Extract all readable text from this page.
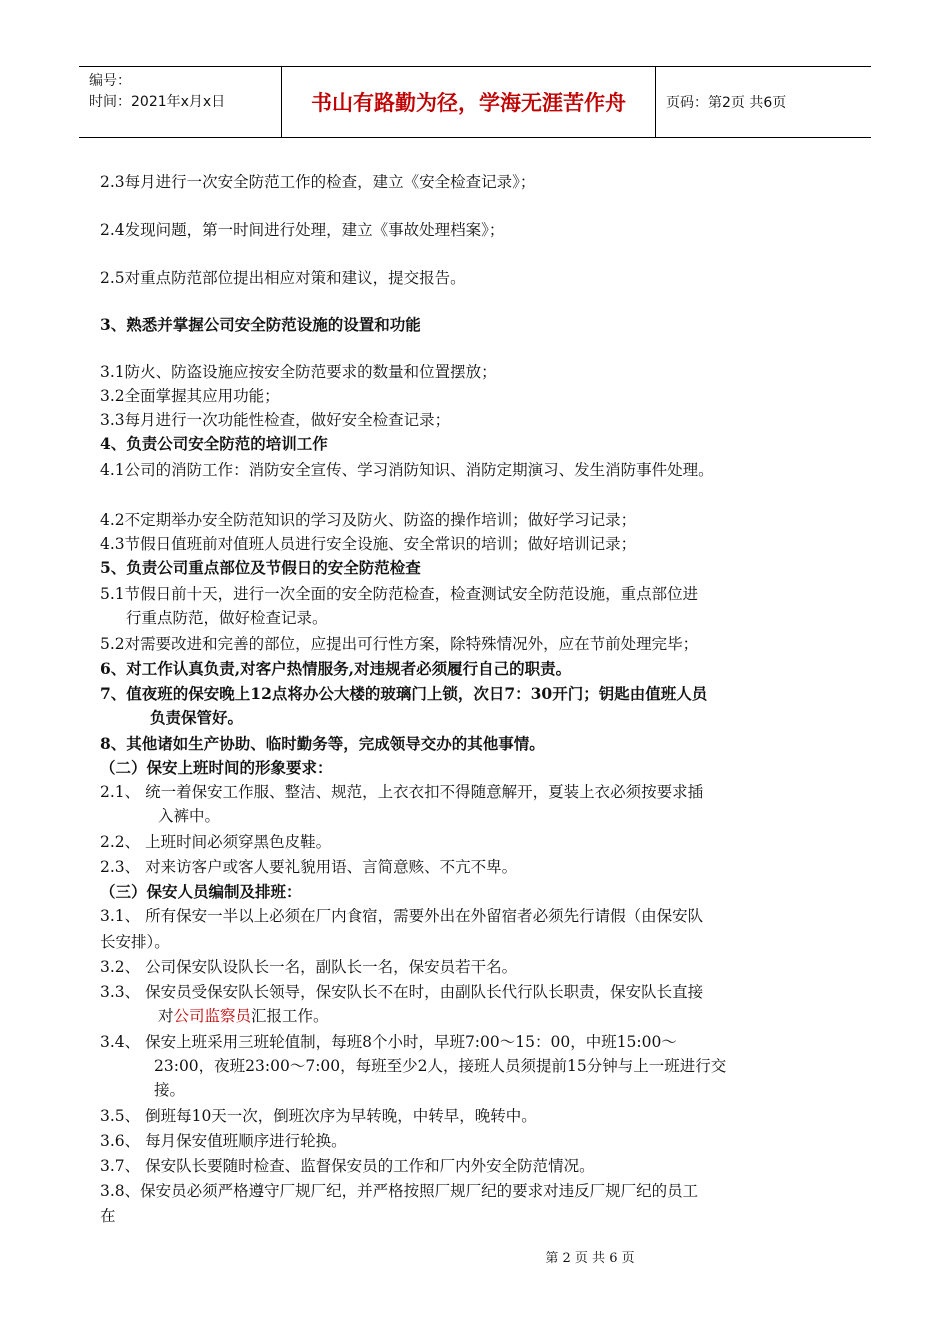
编号：
时间：2021年x月x日	书山有路勤为径，学海无涯苦作舟	页码：第2页 共6页
2.3每月进行一次安全防范工作的检查，建立《安全检查记录》；
2.4发现问题，第一时间进行处理，建立《事故处理档案》；
2.5对重点防范部位提出相应对策和建议，提交报告。
3、熟悉并掌握公司安全防范设施的设置和功能
3.1防火、防盗设施应按安全防范要求的数量和位置摆放；
3.2全面掌握其应用功能；
3.3每月进行一次功能性检查，做好安全检查记录；
4、负责公司安全防范的培训工作
4.1公司的消防工作：消防安全宣传、学习消防知识、消防定期演习、发生消防事件处理。
4.2不定期举办安全防范知识的学习及防火、防盗的操作培训；做好学习记录；
4.3节假日值班前对值班人员进行安全设施、安全常识的培训；做好培训记录；
5、负责公司重点部位及节假日的安全防范检查
5.1节假日前十天，进行一次全面的安全防范检查，检查测试安全防范设施，重点部位进
行重点防范，做好检查记录。
5.2对需要改进和完善的部位，应提出可行性方案，除特殊情况外，应在节前处理完毕；
6、对工作认真负责,对客户热情服务,对违规者必须履行自己的职责。
7、值夜班的保安晚上12点将办公大楼的玻璃门上锁，次日7：30开门；钥匙由值班人员
负责保管好。
8、其他诸如生产协助、临时勤务等，完成领导交办的其他事情。
（二）保安上班时间的形象要求：
2.1、 统一着保安工作服、整洁、规范，上衣衣扣不得随意解开，夏装上衣必须按要求插
入裤中。
2.2、 上班时间必须穿黑色皮鞋。
2.3、 对来访客户或客人要礼貌用语、言简意赅、不亢不卑。
（三）保安人员编制及排班：
3.1、 所有保安一半以上必须在厂内食宿，需要外出在外留宿者必须先行请假（由保安队
长安排）。
3.2、 公司保安队设队长一名，副队长一名，保安员若干名。
3.3、 保安员受保安队长领导，保安队长不在时，由副队长代行队长职责，保安队长直接
对公司监察员汇报工作。
3.4、 保安上班采用三班轮值制，每班8个小时，早班7:00～15：00，中班15:00～
23:00，夜班23:00～7:00，每班至少2人，接班人员须提前15分钟与上一班进行交
接。
3.5、 倒班每10天一次，倒班次序为早转晚，中转早，晚转中。
3.6、 每月保安值班顺序进行轮换。
3.7、 保安队长要随时检查、监督保安员的工作和厂内外安全防范情况。
3.8、保安员必须严格遵守厂规厂纪，并严格按照厂规厂纪的要求对违反厂规厂纪的员工
在
第 2 页 共 6 页
